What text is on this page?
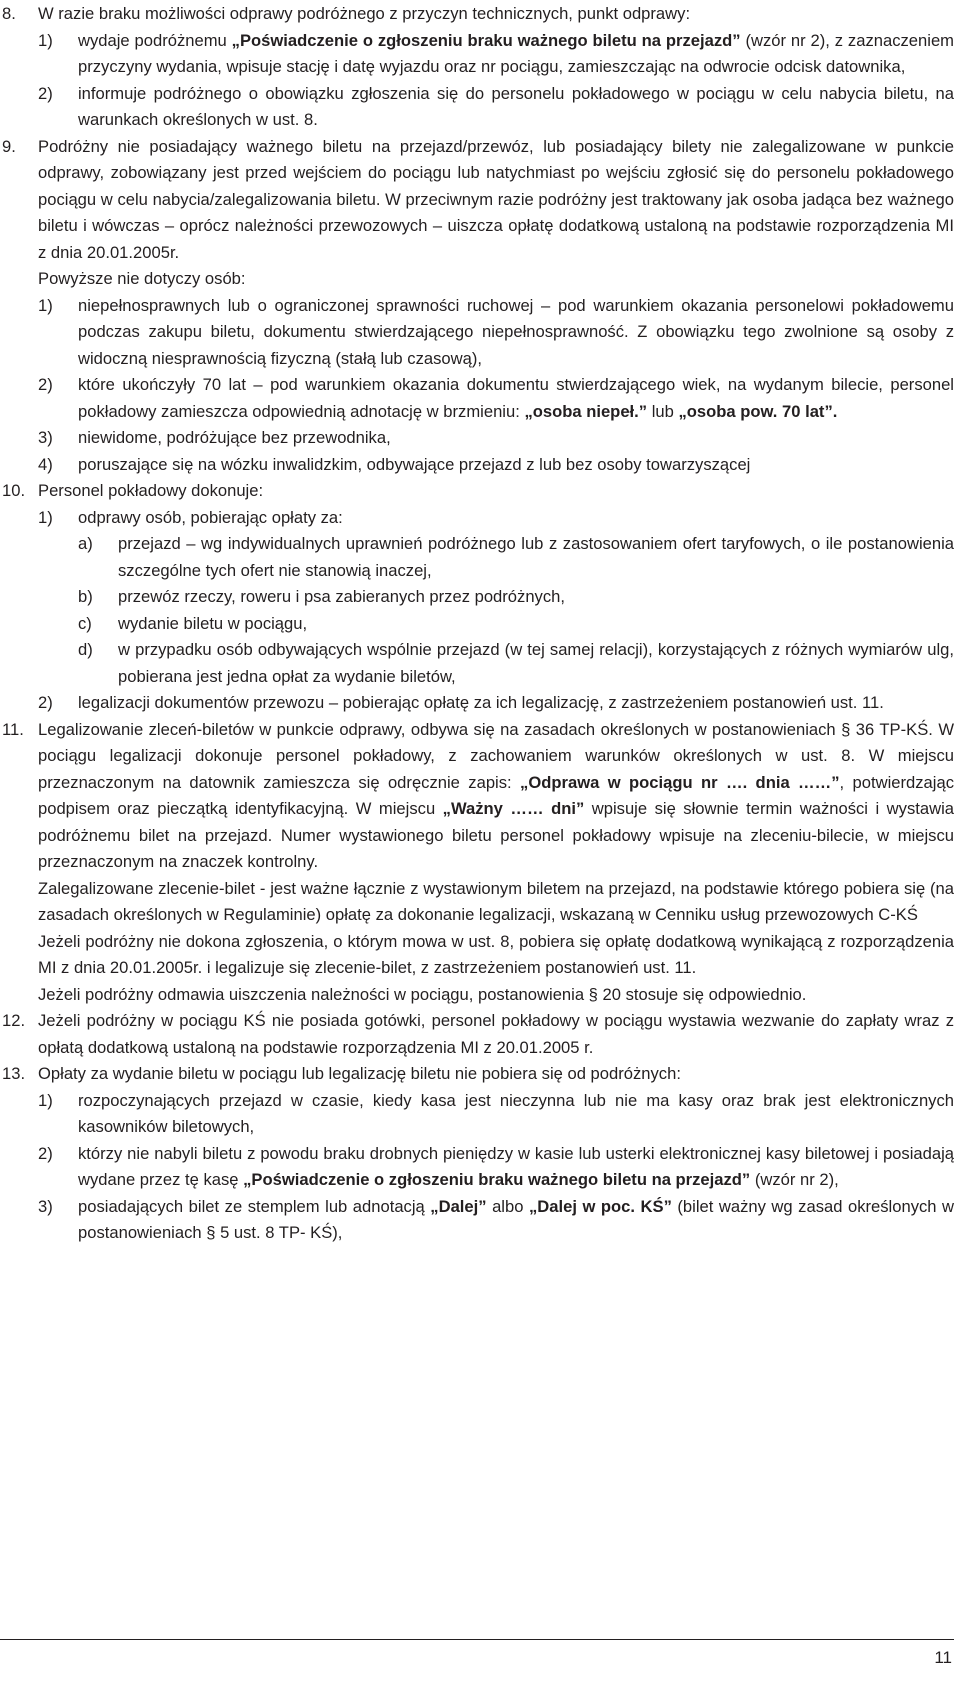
8. W razie braku możliwości odprawy podróżnego z przyczyn technicznych, punkt odprawy:

1) wydaje podróżnemu „Poświadczenie o zgłoszeniu braku ważnego biletu na przejazd” (wzór nr 2), z zaznaczeniem przyczyny wydania, wpisuje stację i datę wyjazdu oraz nr pociągu, zamieszczając na odwrocie odcisk datownika,

2) informuje podróżnego o obowiązku zgłoszenia się do personelu pokładowego w pociągu w celu nabycia biletu, na warunkach określonych w ust. 8.

9. Podróżny nie posiadający ważnego biletu na przejazd/przewóz, lub posiadający bilety nie zalegalizowane w punkcie odprawy, zobowiązany jest przed wejściem do pociągu lub natychmiast po wejściu zgłosić się do personelu pokładowego pociągu w celu nabycia/zalegalizowania biletu. W przeciwnym razie podróżny jest traktowany jak osoba jadąca bez ważnego biletu i wówczas – oprócz należności przewozowych – uiszcza opłatę dodatkową ustaloną na podstawie rozporządzenia MI z dnia 20.01.2005r.

Powyższe nie dotyczy osób:

1) niepełnosprawnych lub o ograniczonej sprawności ruchowej – pod warunkiem okazania personelowi pokładowemu podczas zakupu biletu, dokumentu stwierdzającego niepełnosprawność. Z obowiązku tego zwolnione są osoby z widoczną niesprawnością fizyczną (stałą lub czasową),

2) które ukończyły 70 lat – pod warunkiem okazania dokumentu stwierdzającego wiek, na wydanym bilecie, personel pokładowy zamieszcza odpowiednią adnotację w brzmieniu: „osoba niepeł.” lub „osoba pow. 70 lat”.

3) niewidome, podróżujące bez przewodnika,

4) poruszające się na wózku inwalidzkim, odbywające przejazd z lub bez osoby towarzyszącej

10. Personel pokładowy dokonuje:

1) odprawy osób, pobierając opłaty za:

a) przejazd – wg indywidualnych uprawnień podróżnego lub z zastosowaniem ofert taryfowych, o ile postanowienia szczególne tych ofert nie stanowią inaczej,

b) przewóz rzeczy, roweru i psa zabieranych przez podróżnych,

c) wydanie biletu w pociągu,

d) w przypadku osób odbywających wspólnie przejazd (w tej samej relacji), korzystających z różnych wymiarów ulg, pobierana jest jedna opłat za wydanie biletów,

2) legalizacji dokumentów przewozu – pobierając opłatę za ich legalizację, z zastrzeżeniem postanowień ust. 11.

11. Legalizowanie zleceń-biletów w punkcie odprawy, odbywa się na zasadach określonych w postanowieniach § 36 TP-KŚ. W pociągu legalizacji dokonuje personel pokładowy, z zachowaniem warunków określonych w ust. 8. W miejscu przeznaczonym na datownik zamieszcza się odręcznie zapis: „Odprawa w pociągu nr …. dnia ……”, potwierdzając podpisem oraz pieczątką identyfikacyjną. W miejscu „Ważny …… dni” wpisuje się słownie termin ważności i wystawia podróżnemu bilet na przejazd. Numer wystawionego biletu personel pokładowy wpisuje na zleceniu-bilecie, w miejscu przeznaczonym na znaczek kontrolny.

Zalegalizowane zlecenie-bilet - jest ważne łącznie z wystawionym biletem na przejazd, na podstawie którego pobiera się (na zasadach określonych w Regulaminie) opłatę za dokonanie legalizacji, wskazaną w Cenniku usług przewozowych C-KŚ

Jeżeli podróżny nie dokona zgłoszenia, o którym mowa w ust. 8, pobiera się opłatę dodatkową wynikającą z rozporządzenia MI z dnia 20.01.2005r. i legalizuje się zlecenie-bilet, z zastrzeżeniem postanowień ust. 11.

Jeżeli podróżny odmawia uiszczenia należności w pociągu, postanowienia § 20 stosuje się odpowiednio.

12. Jeżeli podróżny w pociągu KŚ nie posiada gotówki, personel pokładowy w pociągu wystawia wezwanie do zapłaty wraz z opłatą dodatkową ustaloną na podstawie rozporządzenia MI z 20.01.2005 r.

13. Opłaty za wydanie biletu w pociągu lub legalizację biletu nie pobiera się od podróżnych:

1) rozpoczynających przejazd w czasie, kiedy kasa jest nieczynna lub nie ma kasy oraz brak jest elektronicznych kasowników biletowych,

2) którzy nie nabyli biletu z powodu braku drobnych pieniędzy w kasie lub usterki elektronicznej kasy biletowej i posiadają wydane przez tę kasę „Poświadczenie o zgłoszeniu braku ważnego biletu na przejazd” (wzór nr 2),

3) posiadających bilet ze stemplem lub adnotacją „Dalej” albo „Dalej w poc. KŚ” (bilet ważny wg zasad określonych w postanowieniach § 5 ust. 8 TP- KŚ),

11
